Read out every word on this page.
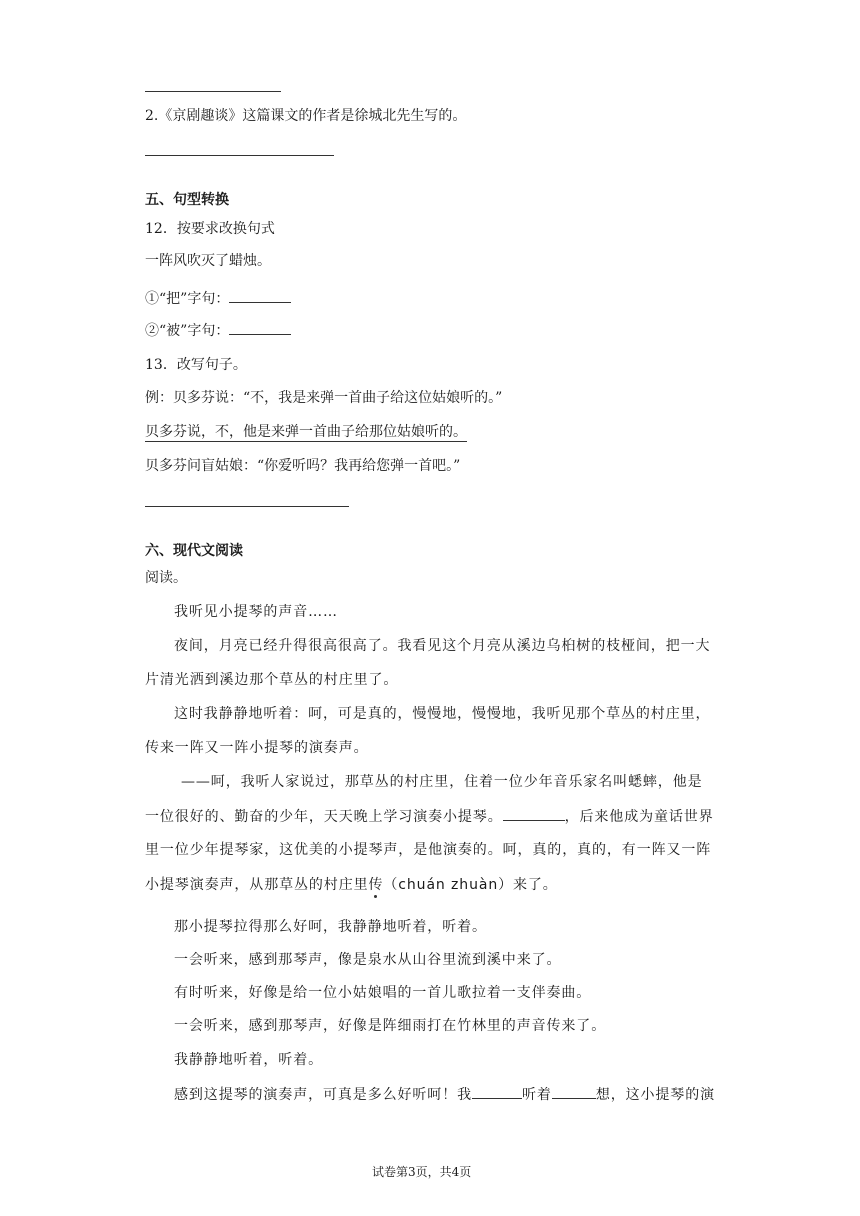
2.《京剧趣谈》这篇课文的作者是徐城北先生写的。
五、句型转换
12．按要求改换句式
一阵风吹灭了蜡烛。
①“把”字句：
②“被”字句：
13．改写句子。
例：贝多芬说：“不，我是来弹一首曲子给这位姑娘听的。”
贝多芬说，不，他是来弹一首曲子给那位姑娘听的。
贝多芬问盲姑娘：“你爱听吗？我再给您弹一首吧。”
六、现代文阅读
阅读。
我听见小提琴的声音……
夜间，月亮已经升得很高很高了。我看见这个月亮从溪边乌桕树的枝桠间，把一大
片清光洒到溪边那个草丛的村庄里了。
这时我静静地听着：呵，可是真的，慢慢地，慢慢地，我听见那个草丛的村庄里，
传来一阵又一阵小提琴的演奏声。
——呵，我听人家说过，那草丛的村庄里，住着一位少年音乐家名叫蟋蟀，他是
一位很好的、勤奋的少年，天天晚上学习演奏小提琴。	，后来他成为童话世界
里一位少年提琴家，这优美的小提琴声，是他演奏的。呵，真的，真的，有一阵又一阵
小提琴演奏声，从那草丛的村庄里传（chuán zhuàn）来了。
那小提琴拉得那么好呵，我静静地听着，听着。
一会听来，感到那琴声，像是泉水从山谷里流到溪中来了。
有时听来，好像是给一位小姑娘唱的一首儿歌拉着一支伴奏曲。
一会听来，感到那琴声，好像是阵细雨打在竹林里的声音传来了。
我静静地听着，听着。
感到这提琴的演奏声，可真是多么好听呵！我	听着	想，这小提琴的演
试卷第3页，共4页
